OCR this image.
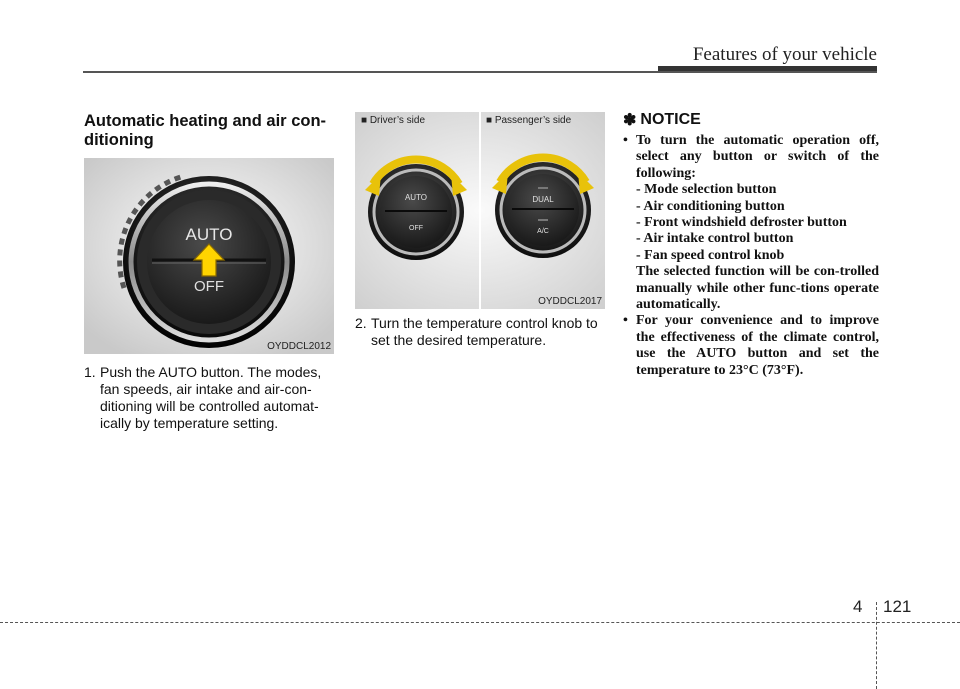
Features of your vehicle

Automatic heating and air con-
ditioning

AUTO
OFF
OYDDCL2012
AUTO
OFF
DUAL
A/C
■ Driver’s side	■ Passenger’s side
OYDDCL2017
1. Push the AUTO button. The modes, fan speeds, air intake and air-con-ditioning will be controlled automat-ically by temperature setting.
2. Turn the temperature control knob to set the desired temperature.
✽ NOTICE
• To turn the automatic operation off, select any button or switch of the following:
- Mode selection button
- Air conditioning button
- Front windshield defroster button
- Air intake control button
- Fan speed control knob
The selected function will be con-trolled manually while other func-tions operate automatically.
• For your convenience and to improve the effectiveness of the climate control, use the AUTO button and set the temperature to 23°C (73°F).
4 121
